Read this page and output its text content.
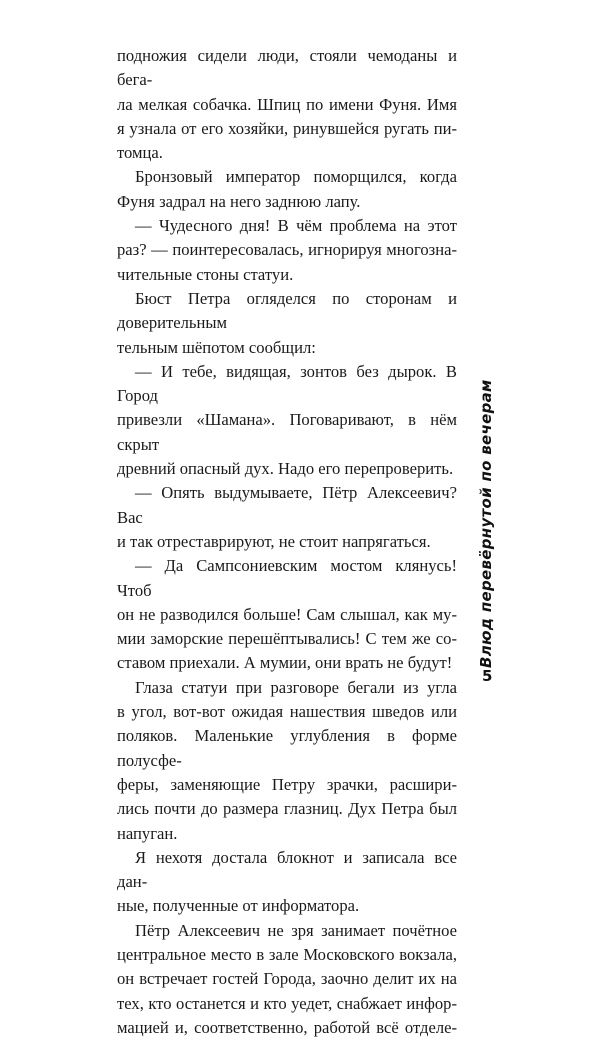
подножия сидели люди, стояли чемоданы и бега-

ла мелкая собачка. Шпиц по имени Фуня. Имя

я узнала от его хозяйки, ринувшейся ругать пи-

томца.

Бронзовый император поморщился, когда

Фуня задрал на него заднюю лапу.

— Чудесного дня! В чём проблема на этот

раз? — поинтересовалась, игнорируя многозна-

чительные стоны статуи.

Бюст Петра огляделся по сторонам и доверительным

тельным шёпотом сообщил:

— И тебе, видящая, зонтов без дырок. В Город

привезли «Шамана». Поговаривают, в нём скрыт

древний опасный дух. Надо его перепроверить.

— Опять выдумываете, Пётр Алексеевич? Вас

и так отреставрируют, не стоит напрягаться.

— Да Сампсониевским мостом клянусь! Чтоб

он не разводился больше! Сам слышал, как му-

мии заморские перешёптывались! С тем же со-

ставом приехали. А мумии, они врать не будут!

Глаза статуи при разговоре бегали из угла

в угол, вот-вот ожидая нашествия шведов или

поляков. Маленькие углубления в форме полусфе-

феры, заменяющие Петру зрачки, расшири-

лись почти до размера глазниц. Дух Петра был

напуган.

Я нехотя достала блокнот и записала все дан-

ные, полученные от информатора.

Пётр Алексеевич не зря занимает почётное

центральное место в зале Московского вокзала,

он встречает гостей Города, заочно делит их на

тех, кто останется и кто уедет, снабжает инфор-

мацией и, соответственно, работой всё отделе-

Влюд перевёрнутой по вечерам
5
